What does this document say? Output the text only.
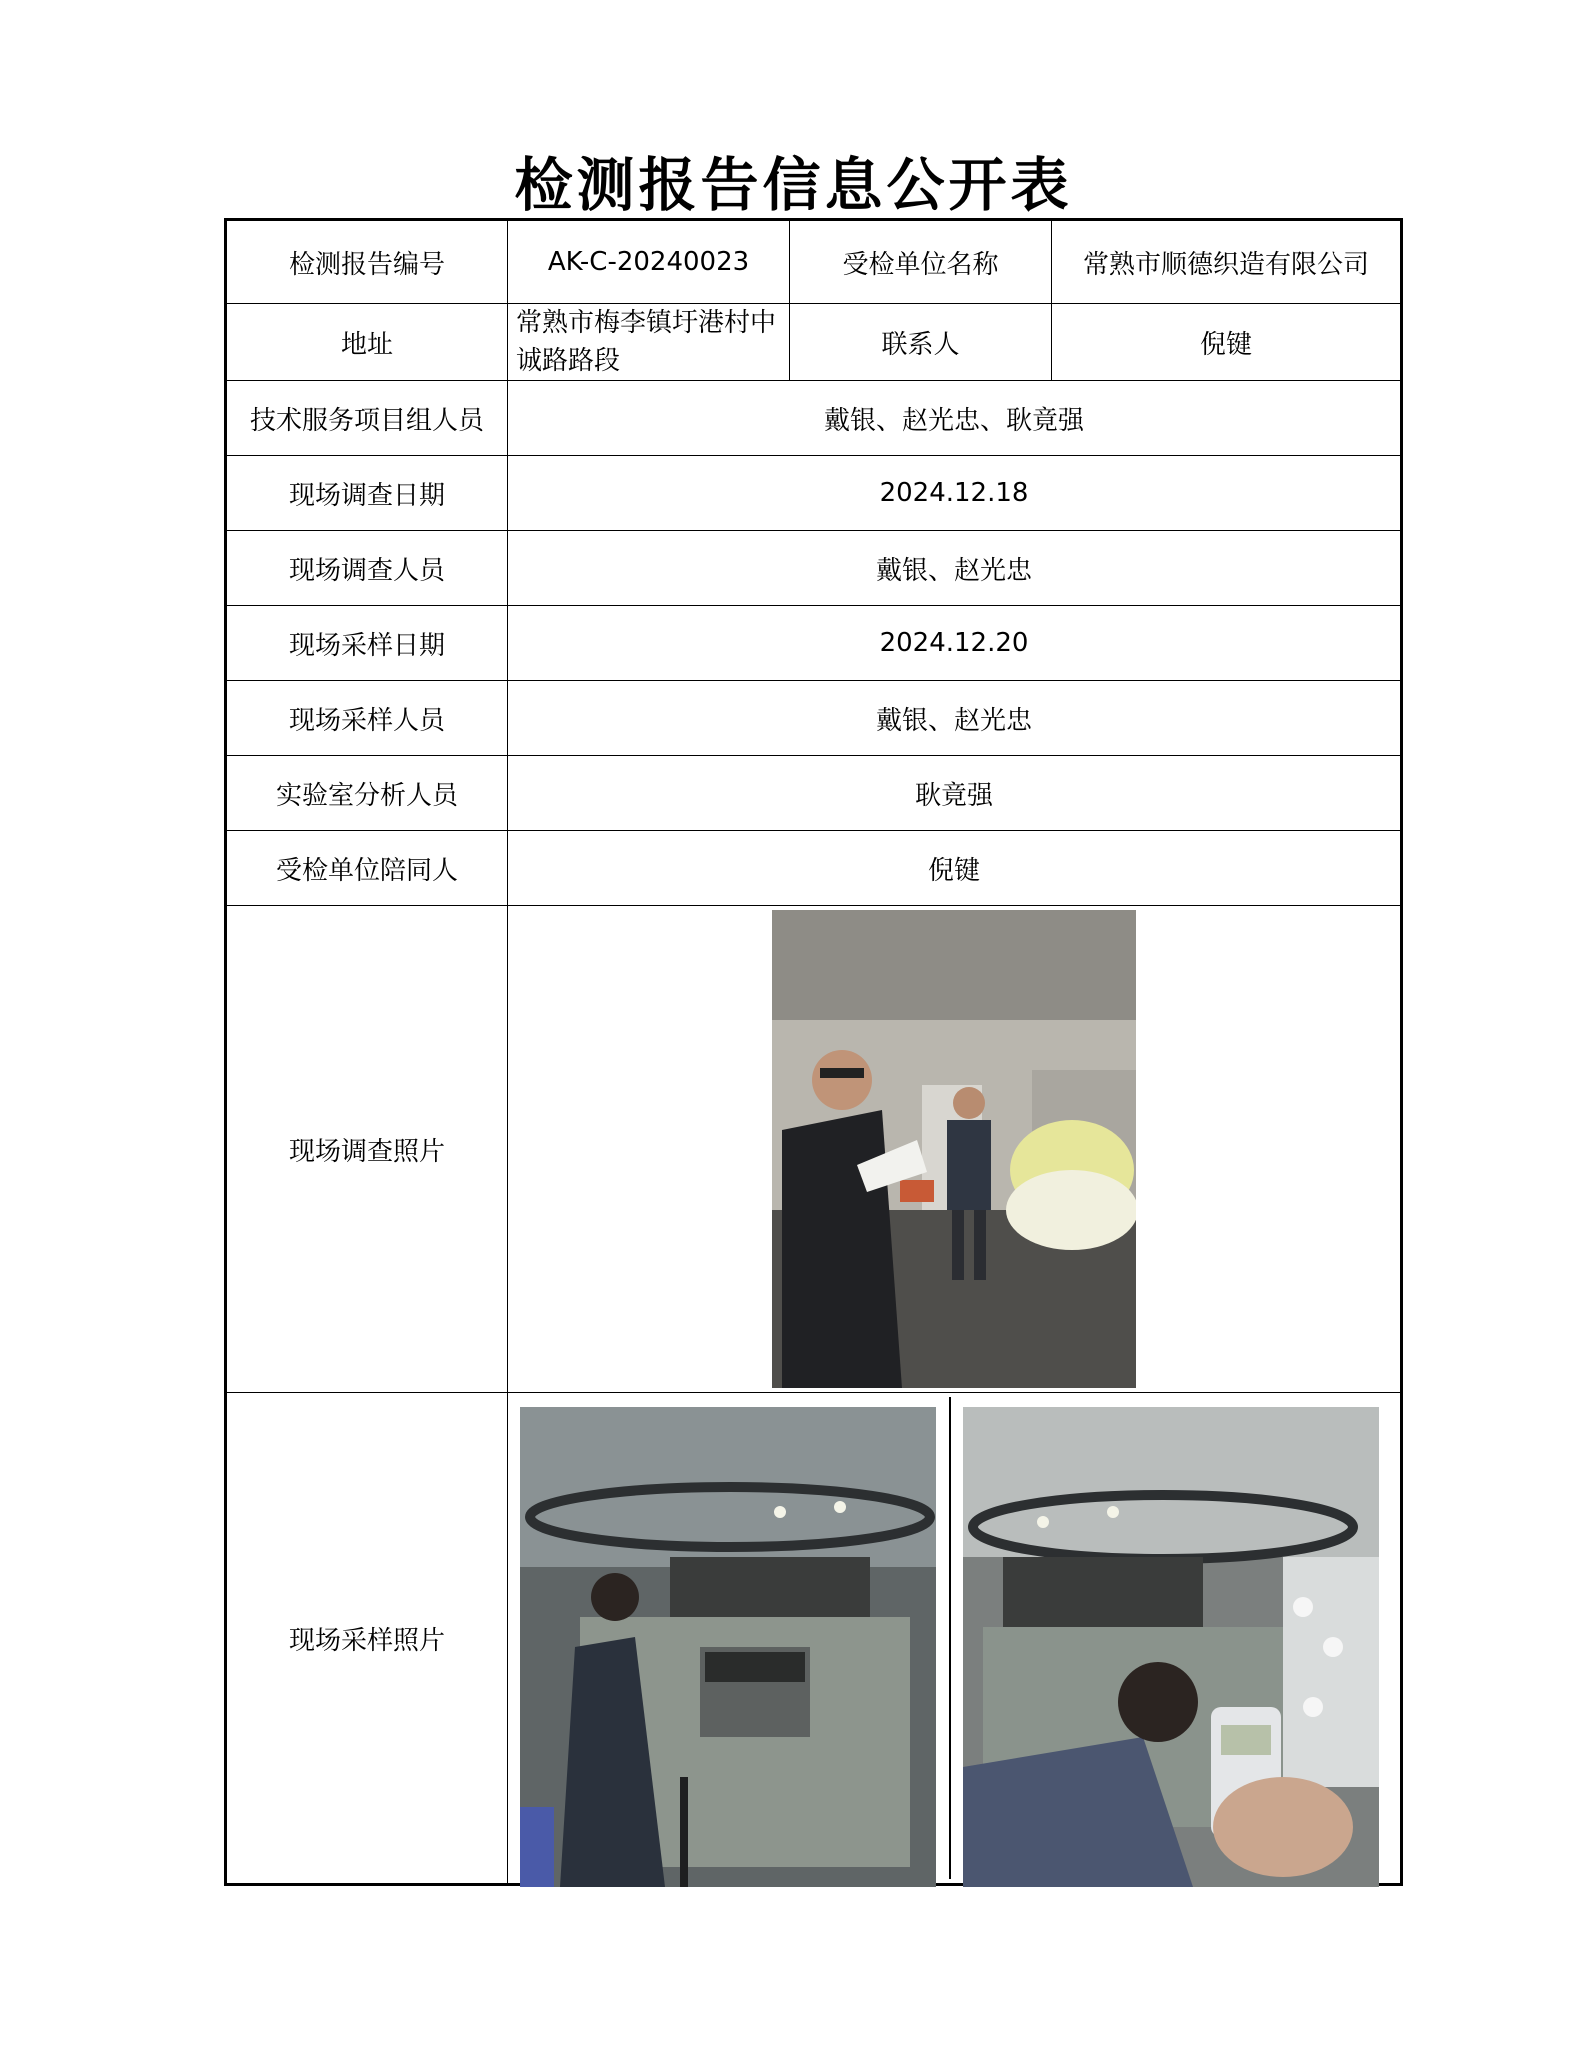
检测报告信息公开表
检测报告编号	AK-C-20240023	受检单位名称	常熟市顺德织造有限公司
地址	常熟市梅李镇圩港村中诚路路段	联系人	倪键
技术服务项目组人员	戴银、赵光忠、耿竟强		
现场调查日期	2024.12.18		
现场调查人员	戴银、赵光忠		
现场采样日期	2024.12.20		
现场采样人员	戴银、赵光忠		
实验室分析人员	耿竟强		
受检单位陪同人	倪键		
现场调查照片	

现场采样照片	
